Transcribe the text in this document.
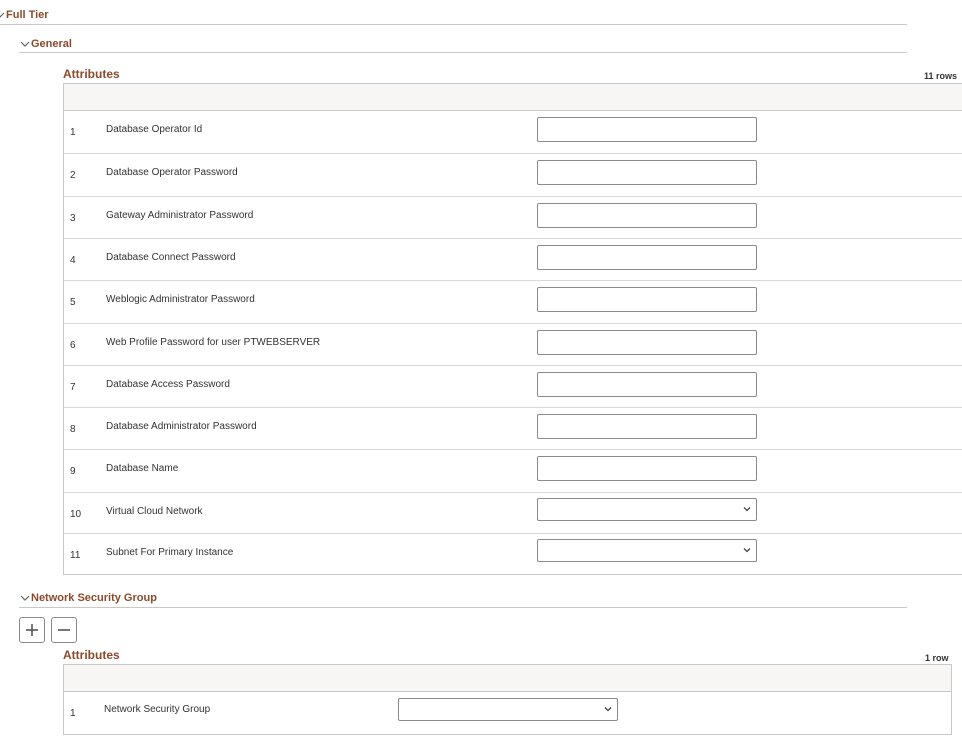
Full Tier
General
Attributes	11 rows
1	Database Operator Id
2	Database Operator Password
3	Gateway Administrator Password
4	Database Connect Password
5	Weblogic Administrator Password
6	Web Profile Password for user PTWEBSERVER
7	Database Access Password
8	Database Administrator Password
9	Database Name
10 Virtual Cloud Network
11	Subnet For Primary Instance
Network Security Group
Attributes	1 row
1	Network Security Group
